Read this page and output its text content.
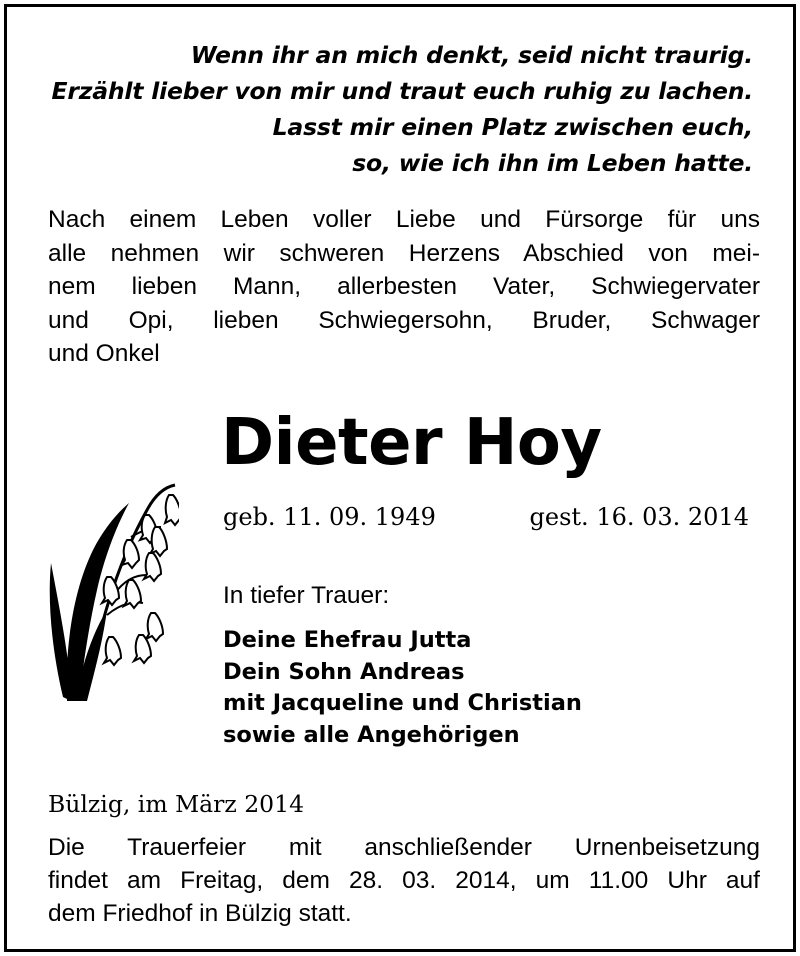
Wenn ihr an mich denkt, seid nicht traurig.
Erzählt lieber von mir und traut euch ruhig zu lachen.
Lasst mir einen Platz zwischen euch,
so, wie ich ihn im Leben hatte.
Nach einem Leben voller Liebe und Fürsorge für uns
alle nehmen wir schweren Herzens Abschied von mei-
nem lieben Mann, allerbesten Vater, Schwiegervater
und Opi, lieben Schwiegersohn, Bruder, Schwager
und Onkel
Dieter Hoy
geb. 11. 09. 1949	gest. 16. 03. 2014
In tiefer Trauer:
Deine Ehefrau Jutta
Dein Sohn Andreas
mit Jacqueline und Christian
sowie alle Angehörigen
Bülzig, im März 2014
Die Trauerfeier mit anschließender Urnenbeisetzung
findet am Freitag, dem 28. 03. 2014, um 11.00 Uhr auf
dem Friedhof in Bülzig statt.
